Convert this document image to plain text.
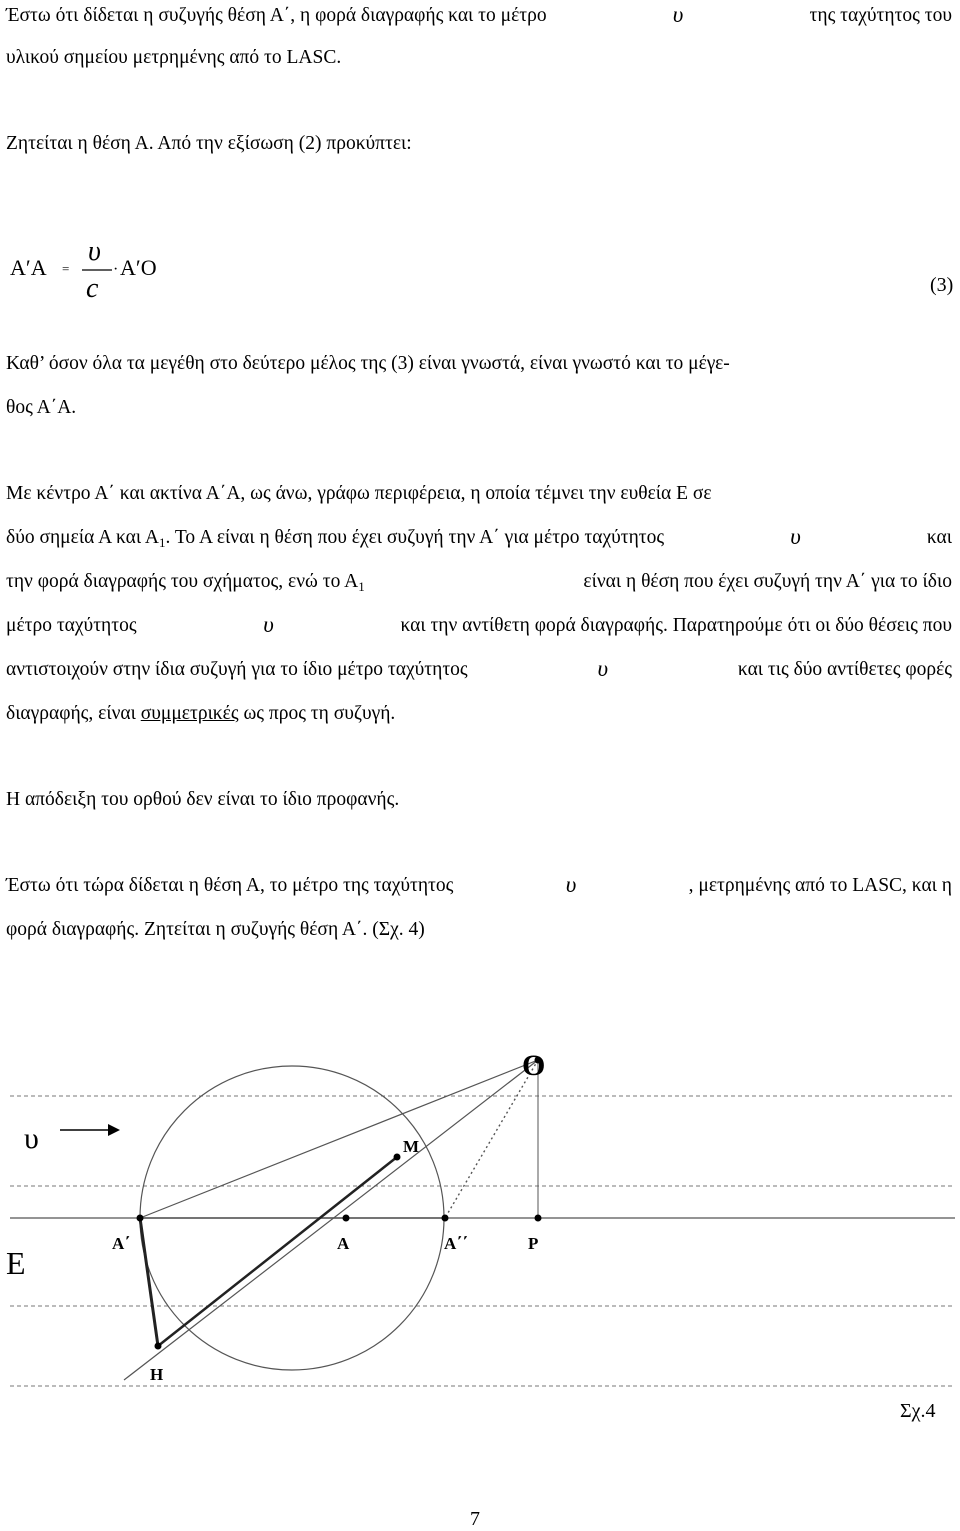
Έστω ότι δίδεται η συζυγής θέση Α΄, η φορά διαγραφής και το μέτρο	υ	της ταχύτητος του
υλικού σημείου μετρημένης από το LASC.
Ζητείται η θέση Α. Από την εξίσωση (2) προκύπτει:
A′A =
υ
c
· A′O
(3)
Καθ’ όσον όλα τα μεγέθη στο δεύτερο μέλος της (3) είναι γνωστά, είναι γνωστό και το μέγε-
θος Α΄Α.
Με κέντρο Α΄ και ακτίνα Α΄Α, ως άνω, γράφω περιφέρεια, η οποία τέμνει την ευθεία Ε σε
δύο σημεία Α και $A_1$. Το Α είναι η θέση που έχει συζυγή την Α΄ για μέτρο ταχύτητος	υ	και
την φορά διαγραφής του σχήματος, ενώ το $A_1$	είναι η θέση που έχει συζυγή την Α΄ για το ίδιο
μέτρο ταχύτητος	υ	και την αντίθετη φορά διαγραφής. Παρατηρούμε ότι οι δύο θέσεις που
αντιστοιχούν στην ίδια συζυγή για το ίδιο μέτρο ταχύτητος	υ	και τις δύο αντίθετες φορές
διαγραφής, είναι συμμετρικές ως προς τη συζυγή.
Η απόδειξη του ορθού δεν είναι το ίδιο προφανής.
Έστω ότι τώρα δίδεται η θέση Α, το μέτρο της ταχύτητος	υ	, μετρημένης από το LASC, και η
φορά διαγραφής. Ζητείται η συζυγής θέση Α΄. (Σχ. 4)
O
M
υ
E
A΄	A	A΄΄	P
H
Σχ.4
7
